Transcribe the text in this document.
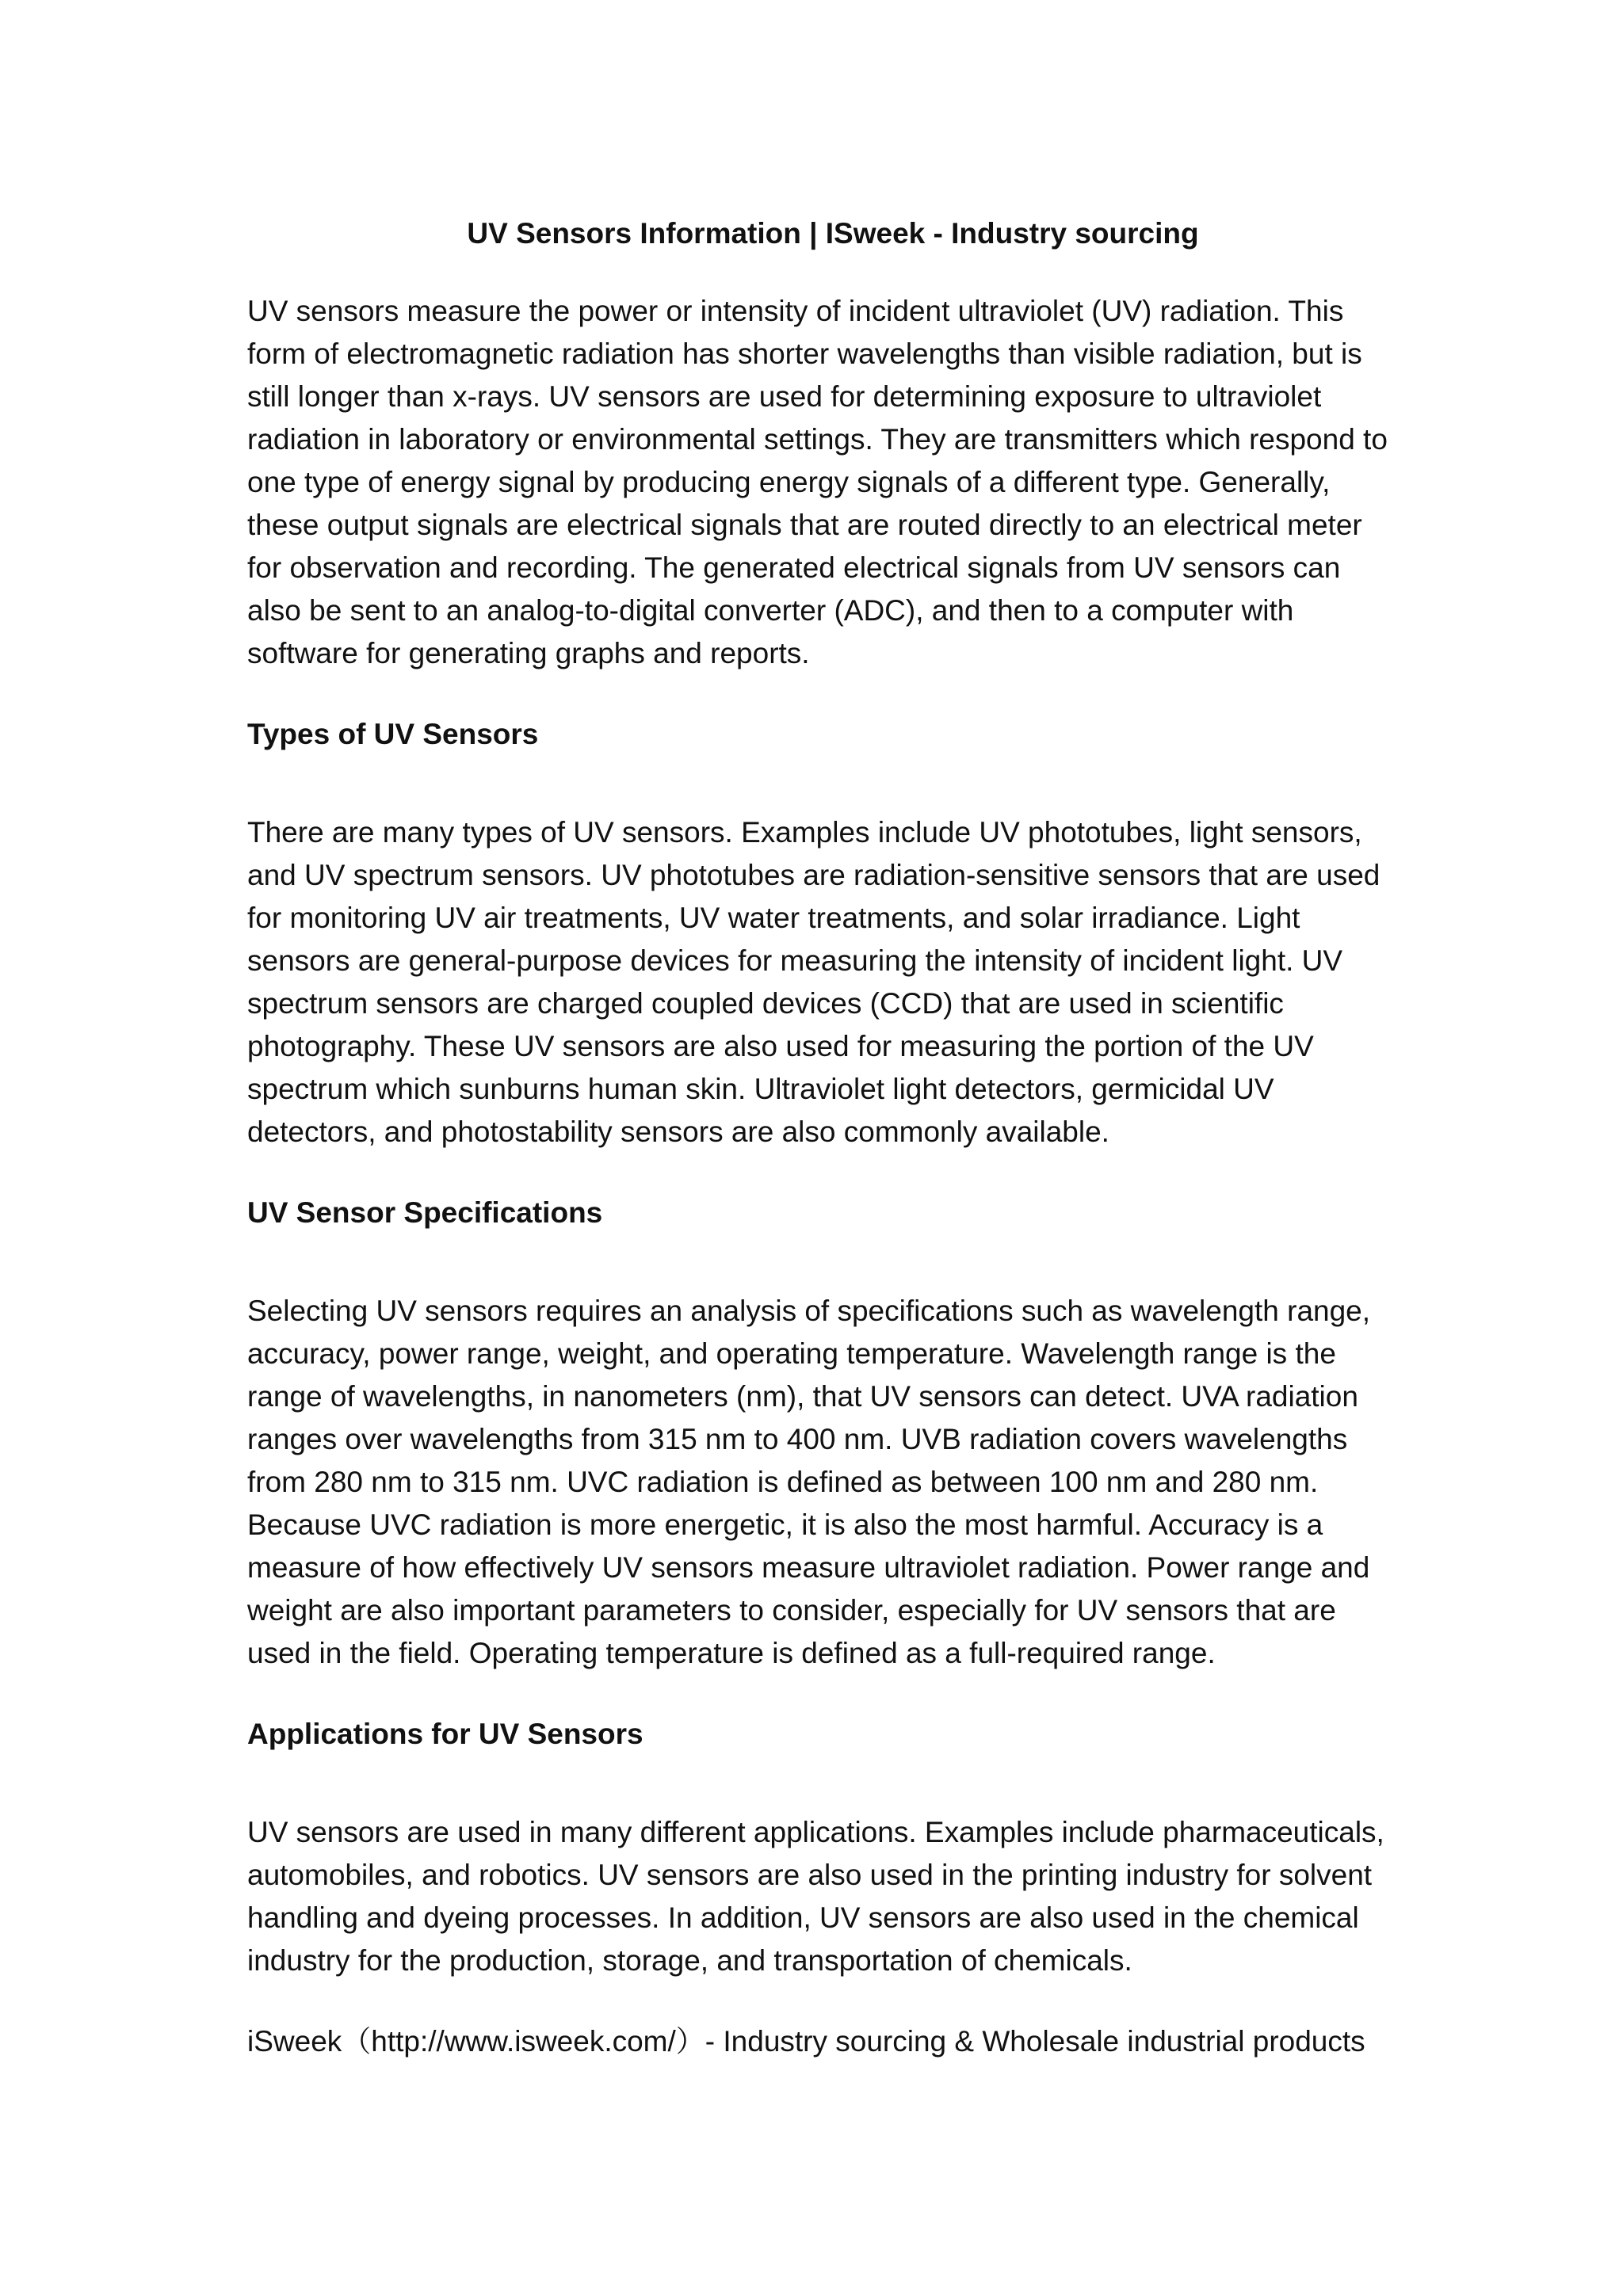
UV Sensors Information | ISweek - Industry sourcing

UV sensors measure the power or intensity of incident ultraviolet (UV) radiation. This form of electromagnetic radiation has shorter wavelengths than visible radiation, but is still longer than x-rays. UV sensors are used for determining exposure to ultraviolet radiation in laboratory or environmental settings. They are transmitters which respond to one type of energy signal by producing energy signals of a different type. Generally, these output signals are electrical signals that are routed directly to an electrical meter for observation and recording. The generated electrical signals from UV sensors can also be sent to an analog-to-digital converter (ADC), and then to a computer with software for generating graphs and reports.

Types of UV Sensors

There are many types of UV sensors. Examples include UV phototubes, light sensors, and UV spectrum sensors. UV phototubes are radiation-sensitive sensors that are used for monitoring UV air treatments, UV water treatments, and solar irradiance. Light sensors are general-purpose devices for measuring the intensity of incident light. UV spectrum sensors are charged coupled devices (CCD) that are used in scientific photography. These UV sensors are also used for measuring the portion of the UV spectrum which sunburns human skin. Ultraviolet light detectors, germicidal UV detectors, and photostability sensors are also commonly available.

UV Sensor Specifications

Selecting UV sensors requires an analysis of specifications such as wavelength range, accuracy, power range, weight, and operating temperature. Wavelength range is the range of wavelengths, in nanometers (nm), that UV sensors can detect. UVA radiation ranges over wavelengths from 315 nm to 400 nm. UVB radiation covers wavelengths from 280 nm to 315 nm. UVC radiation is defined as between 100 nm and 280 nm. Because UVC radiation is more energetic, it is also the most harmful. Accuracy is a measure of how effectively UV sensors measure ultraviolet radiation. Power range and weight are also important parameters to consider, especially for UV sensors that are used in the field. Operating temperature is defined as a full-required range.

Applications for UV Sensors

UV sensors are used in many different applications. Examples include pharmaceuticals, automobiles, and robotics. UV sensors are also used in the printing industry for solvent handling and dyeing processes. In addition, UV sensors are also used in the chemical industry for the production, storage, and transportation of chemicals.

iSweek（http://www.isweek.com/）- Industry sourcing & Wholesale industrial products
